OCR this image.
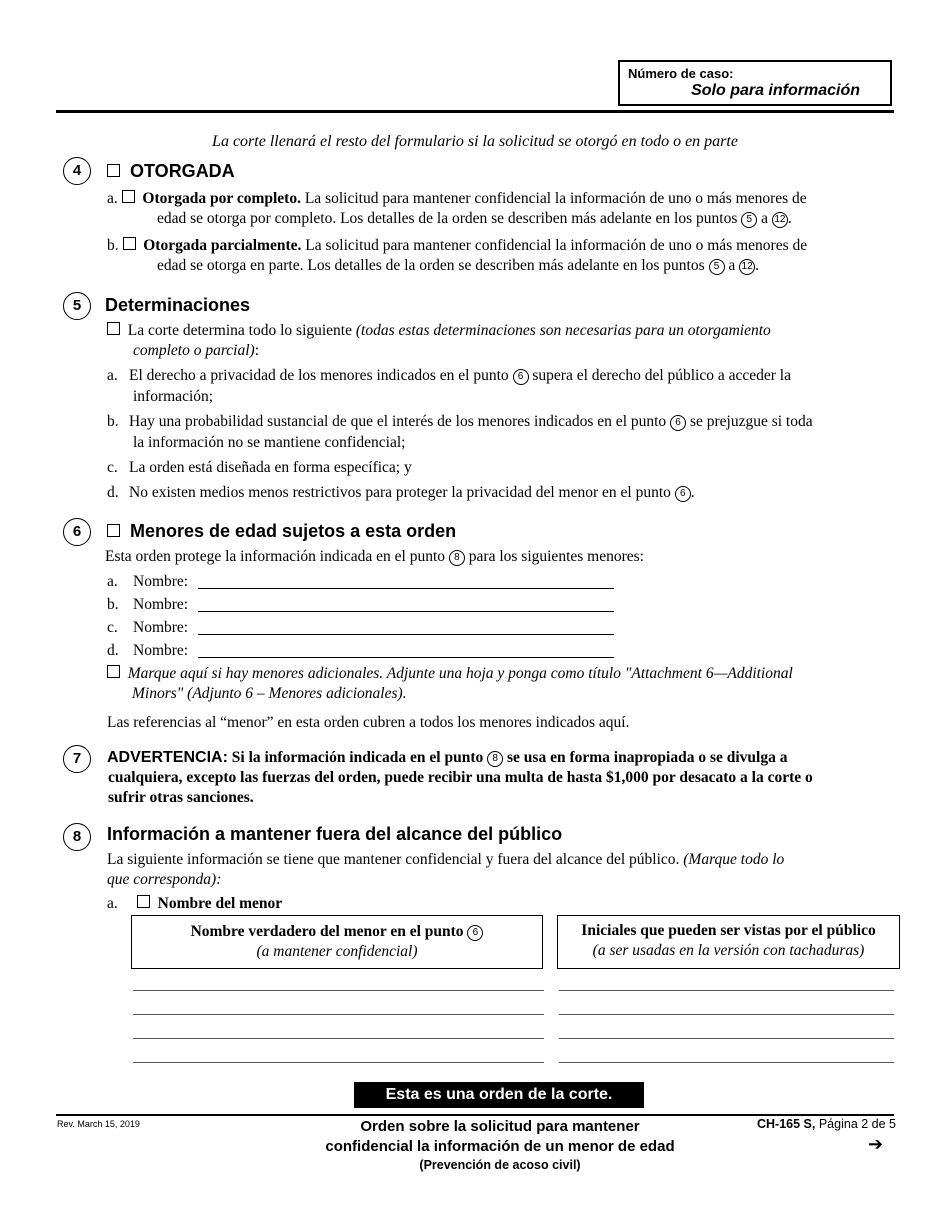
Número de caso:
Solo para información
La corte llenará el resto del formulario si la solicitud se otorgó en todo o en parte
4	OTORGADA
a. Otorgada por completo. La solicitud para mantener confidencial la información de uno o más menores de
edad se otorga por completo. Los detalles de la orden se describen más adelante en los puntos 5 a 12 .
b. Otorgada parcialmente. La solicitud para mantener confidencial la información de uno o más menores de
edad se otorga en parte. Los detalles de la orden se describen más adelante en los puntos 5 a 12 .
5	Determinaciones
La corte determina todo lo siguiente (todas estas determinaciones son necesarias para un otorgamiento
completo o parcial):
a. El derecho a privacidad de los menores indicados en el punto 6 supera el derecho del público a acceder la
información;
b. Hay una probabilidad sustancial de que el interés de los menores indicados en el punto 6 se prejuzgue si toda
la información no se mantiene confidencial;
c. La orden está diseñada en forma específica; y
d. No existen medios menos restrictivos para proteger la privacidad del menor en el punto 6 .
6	Menores de edad sujetos a esta orden
Esta orden protege la información indicada en el punto 8 para los siguientes menores:
a. Nombre:
b. Nombre:
c. Nombre:
d. Nombre:
Marque aquí si hay menores adicionales. Adjunte una hoja y ponga como título "Attachment 6—Additional
Minors" (Adjunto 6 – Menores adicionales).
Las referencias al “menor” en esta orden cubren a todos los menores indicados aquí.
7	ADVERTENCIA: Si la información indicada en el punto 8 se usa en forma inapropiada o se divulga a
cualquiera, excepto las fuerzas del orden, puede recibir una multa de hasta $1,000 por desacato a la corte o
sufrir otras sanciones.
8	Información a mantener fuera del alcance del público
La siguiente información se tiene que mantener confidencial y fuera del alcance del público. (Marque todo lo
que corresponda):
a.	Nombre del menor
Nombre verdadero del menor en el punto 6
(a mantener confidencial)
Iniciales que pueden ser vistas por el público
(a ser usadas en la versión con tachaduras)
Esta es una orden de la corte.
Rev. March 15, 2019	Orden sobre la solicitud para mantener
confidencial la información de un menor de edad
(Prevención de acoso civil)
CH-165 S, Página 2 de 5
➔
